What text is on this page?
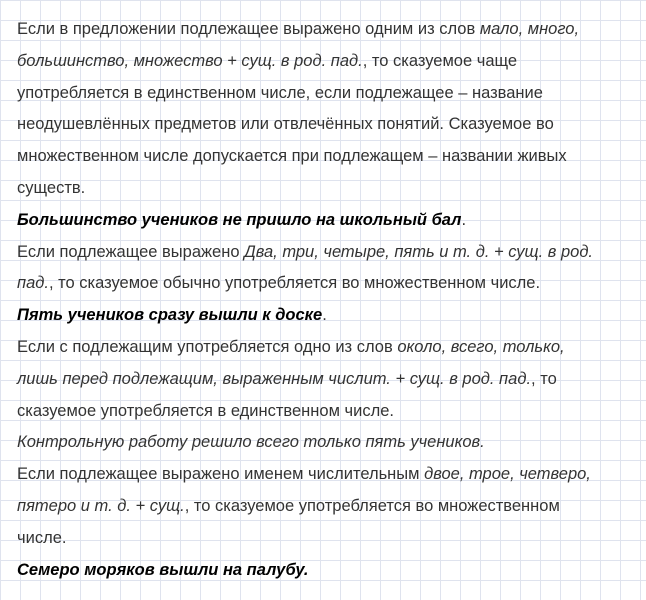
Если в предложении подлежащее выражено одним из слов мало, много,
большинство, множество + сущ. в род. пад., то сказуемое чаще
употребляется в единственном числе, если подлежащее – название
неодушевлённых предметов или отвлечённых понятий. Сказуемое во
множественном числе допускается при подлежащем – названии живых
существ.
Большинство учеников не пришло на школьный бал.
Если подлежащее выражено Два, три, четыре, пять и т. д. + сущ. в род.
пад., то сказуемое обычно употребляется во множественном числе.
Пять учеников сразу вышли к доске.
Если с подлежащим употребляется одно из слов около, всего, только,
лишь перед подлежащим, выраженным числит. + сущ. в род. пад., то
сказуемое употребляется в единственном числе.
Контрольную работу решило всего только пять учеников.
Если подлежащее выражено именем числительным двое, трое, четверо,
пятеро и т. д. + сущ., то сказуемое употребляется во множественном
числе.
Семеро моряков вышли на палубу.
